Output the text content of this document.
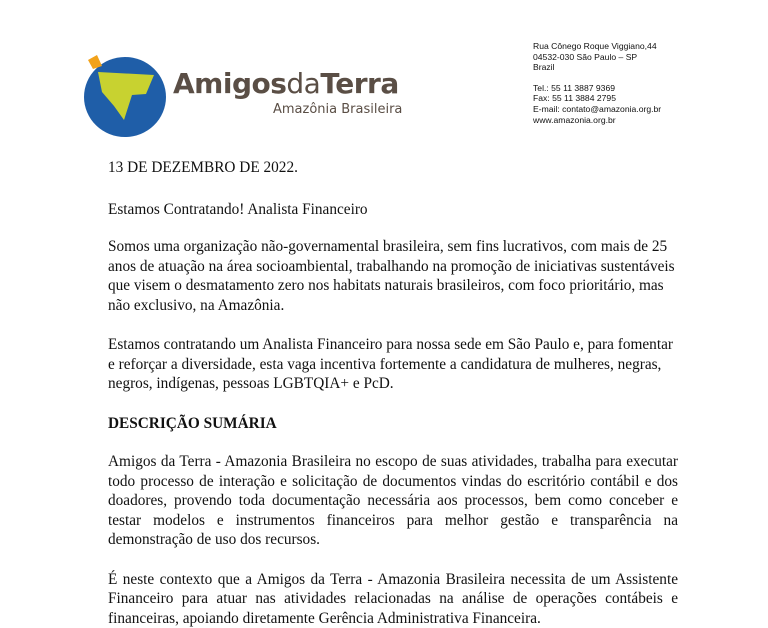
AmigosdaTerra
Amazônia Brasileira
Rua Cônego Roque Viggiano,44
04532-030 São Paulo – SP
Brazil
Tel.: 55 11 3887 9369
Fax: 55 11 3884 2795
E-mail: contato@amazonia.org.br
www.amazonia.org.br

13 DE DEZEMBRO DE 2022.

Estamos Contratando! Analista Financeiro

Somos uma organização não-governamental brasileira, sem fins lucrativos, com mais de 25 anos de atuação na área socioambiental, trabalhando na promoção de iniciativas sustentáveis que visem o desmatamento zero nos habitats naturais brasileiros, com foco prioritário, mas não exclusivo, na Amazônia.

Estamos contratando um Analista Financeiro para nossa sede em São Paulo e, para fomentar e reforçar a diversidade, esta vaga incentiva fortemente a candidatura de mulheres, negras, negros, indígenas, pessoas LGBTQIA+ e PcD.

DESCRIÇÃO SUMÁRIA

Amigos da Terra - Amazonia Brasileira no escopo de suas atividades, trabalha para executar todo processo de interação e solicitação de documentos vindas do escritório contábil e dos doadores, provendo toda documentação necessária aos processos, bem como conceber e testar modelos e instrumentos financeiros para melhor gestão e transparência na demonstração de uso dos recursos.

É neste contexto que a Amigos da Terra - Amazonia Brasileira necessita de um Assistente Financeiro para atuar nas atividades relacionadas na análise de operações contábeis e financeiras, apoiando diretamente Gerência Administrativa Financeira.
